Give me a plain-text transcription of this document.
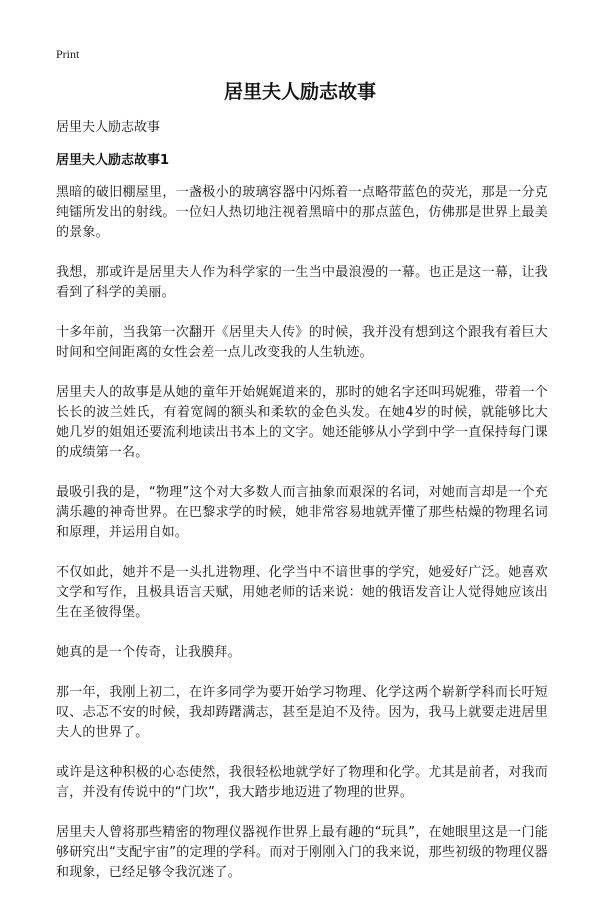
Print
居里夫人励志故事
居里夫人励志故事
居里夫人励志故事1

黑暗的破旧棚屋里，一盏极小的玻璃容器中闪烁着一点略带蓝色的荧光，那是一分克纯镭所发出的射线。一位妇人热切地注视着黑暗中的那点蓝色，仿佛那是世界上最美的景象。

我想，那或许是居里夫人作为科学家的一生当中最浪漫的一幕。也正是这一幕，让我看到了科学的美丽。

十多年前，当我第一次翻开《居里夫人传》的时候，我并没有想到这个跟我有着巨大时间和空间距离的女性会差一点儿改变我的人生轨迹。

居里夫人的故事是从她的童年开始娓娓道来的，那时的她名字还叫玛妮雅，带着一个长长的波兰姓氏，有着宽阔的额头和柔软的金色头发。在她4岁的时候，就能够比大她几岁的姐姐还要流利地读出书本上的文字。她还能够从小学到中学一直保持每门课的成绩第一名。

最吸引我的是，“物理”这个对大多数人而言抽象而艰深的名词，对她而言却是一个充满乐趣的神奇世界。在巴黎求学的时候，她非常容易地就弄懂了那些枯燥的物理名词和原理，并运用自如。

不仅如此，她并不是一头扎进物理、化学当中不谙世事的学究，她爱好广泛。她喜欢文学和写作，且极具语言天赋，用她老师的话来说：她的俄语发音让人觉得她应该出生在圣彼得堡。

她真的是一个传奇，让我膜拜。

那一年，我刚上初二，在许多同学为要开始学习物理、化学这两个崭新学科而长吁短叹、忐忑不安的时候，我却踌躇满志，甚至是迫不及待。因为，我马上就要走进居里夫人的世界了。

或许是这种积极的心态使然，我很轻松地就学好了物理和化学。尤其是前者，对我而言，并没有传说中的“门坎”，我大踏步地迈进了物理的世界。

居里夫人曾将那些精密的物理仪器视作世界上最有趣的“玩具”，在她眼里这是一门能够研究出“支配宇宙”的定理的学科。而对于刚刚入门的我来说，那些初级的物理仪器和现象，已经足够令我沉迷了。
